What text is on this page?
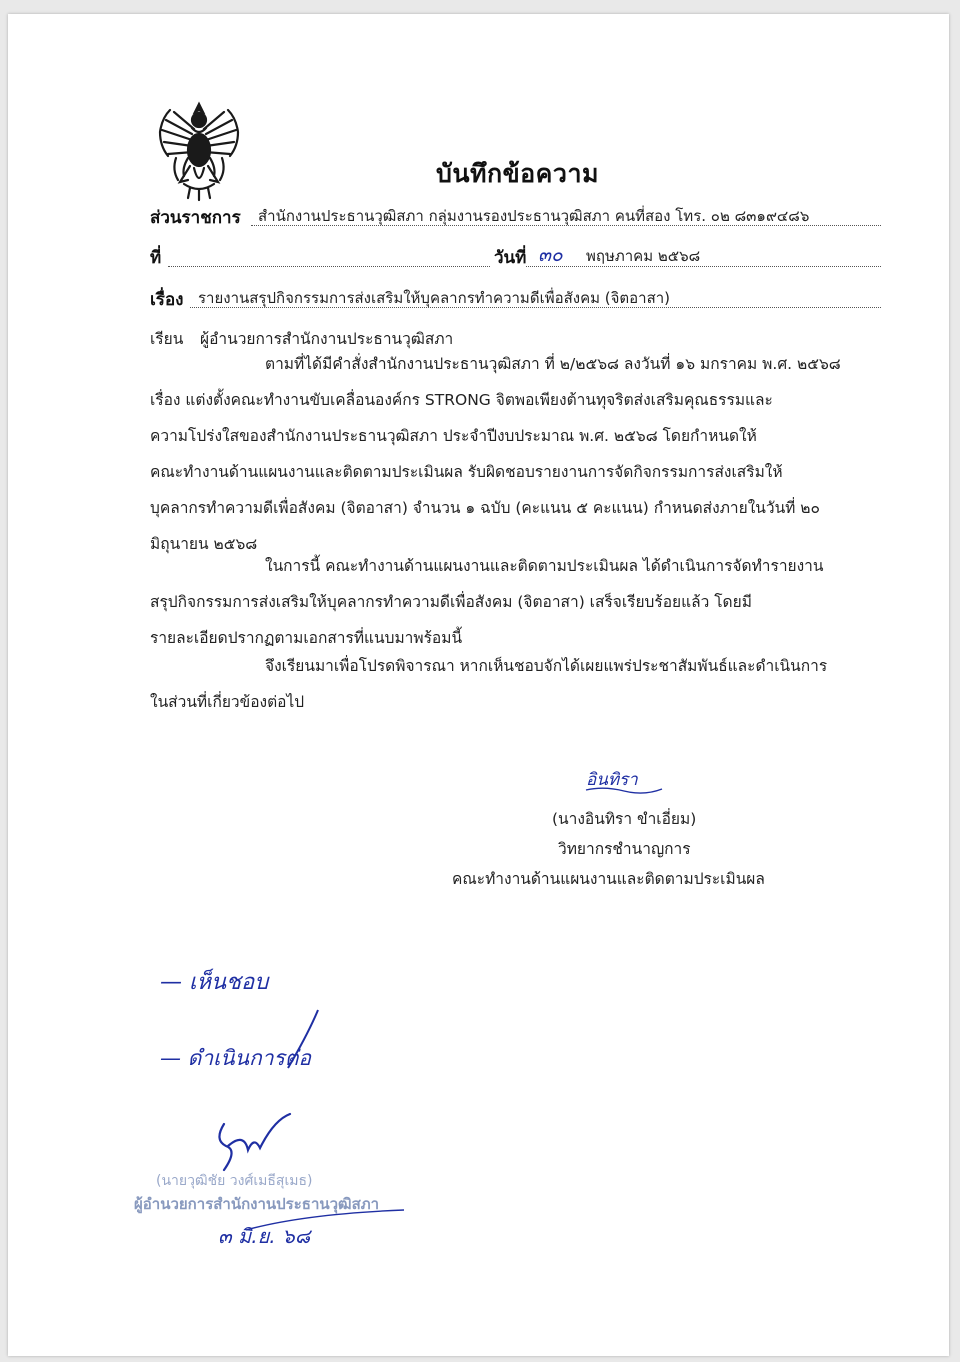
บันทึกข้อความ
ส่วนราชการ สำนักงานประธานวุฒิสภา กลุ่มงานรองประธานวุฒิสภา คนที่สอง โทร. ๐๒ ๘๓๑๙๔๘๖
ที่	วันที่ ๓๐ พฤษภาคม ๒๕๖๘
เรื่อง รายงานสรุปกิจกรรมการส่งเสริมให้บุคลากรทำความดีเพื่อสังคม (จิตอาสา)
เรียน ผู้อำนวยการสำนักงานประธานวุฒิสภา
ตามที่ได้มีคำสั่งสำนักงานประธานวุฒิสภา ที่ ๒/๒๕๖๘ ลงวันที่ ๑๖ มกราคม พ.ศ. ๒๕๖๘
เรื่อง แต่งตั้งคณะทำงานขับเคลื่อนองค์กร STRONG จิตพอเพียงต้านทุจริตส่งเสริมคุณธรรมและ
ความโปร่งใสของสำนักงานประธานวุฒิสภา ประจำปีงบประมาณ พ.ศ. ๒๕๖๘ โดยกำหนดให้
คณะทำงานด้านแผนงานและติดตามประเมินผล รับผิดชอบรายงานการจัดกิจกรรมการส่งเสริมให้
บุคลากรทำความดีเพื่อสังคม (จิตอาสา) จำนวน ๑ ฉบับ (คะแนน ๕ คะแนน) กำหนดส่งภายในวันที่ ๒๐
มิถุนายน ๒๕๖๘
ในการนี้ คณะทำงานด้านแผนงานและติดตามประเมินผล ได้ดำเนินการจัดทำรายงาน
สรุปกิจกรรมการส่งเสริมให้บุคลากรทำความดีเพื่อสังคม (จิตอาสา) เสร็จเรียบร้อยแล้ว โดยมี
รายละเอียดปรากฏตามเอกสารที่แนบมาพร้อมนี้
จึงเรียนมาเพื่อโปรดพิจารณา หากเห็นชอบจักได้เผยแพร่ประชาสัมพันธ์และดำเนินการ
ในส่วนที่เกี่ยวข้องต่อไป
อินทิรา
(นางอินทิรา ขำเอี่ยม)
วิทยากรชำนาญการ
คณะทำงานด้านแผนงานและติดตามประเมินผล
— เห็นชอบ
— ดำเนินการต่อ
(นายวุฒิชัย วงศ์เมธีสุเมธ)
ผู้อำนวยการสำนักงานประธานวุฒิสภา
๓ มิ.ย. ๖๘
